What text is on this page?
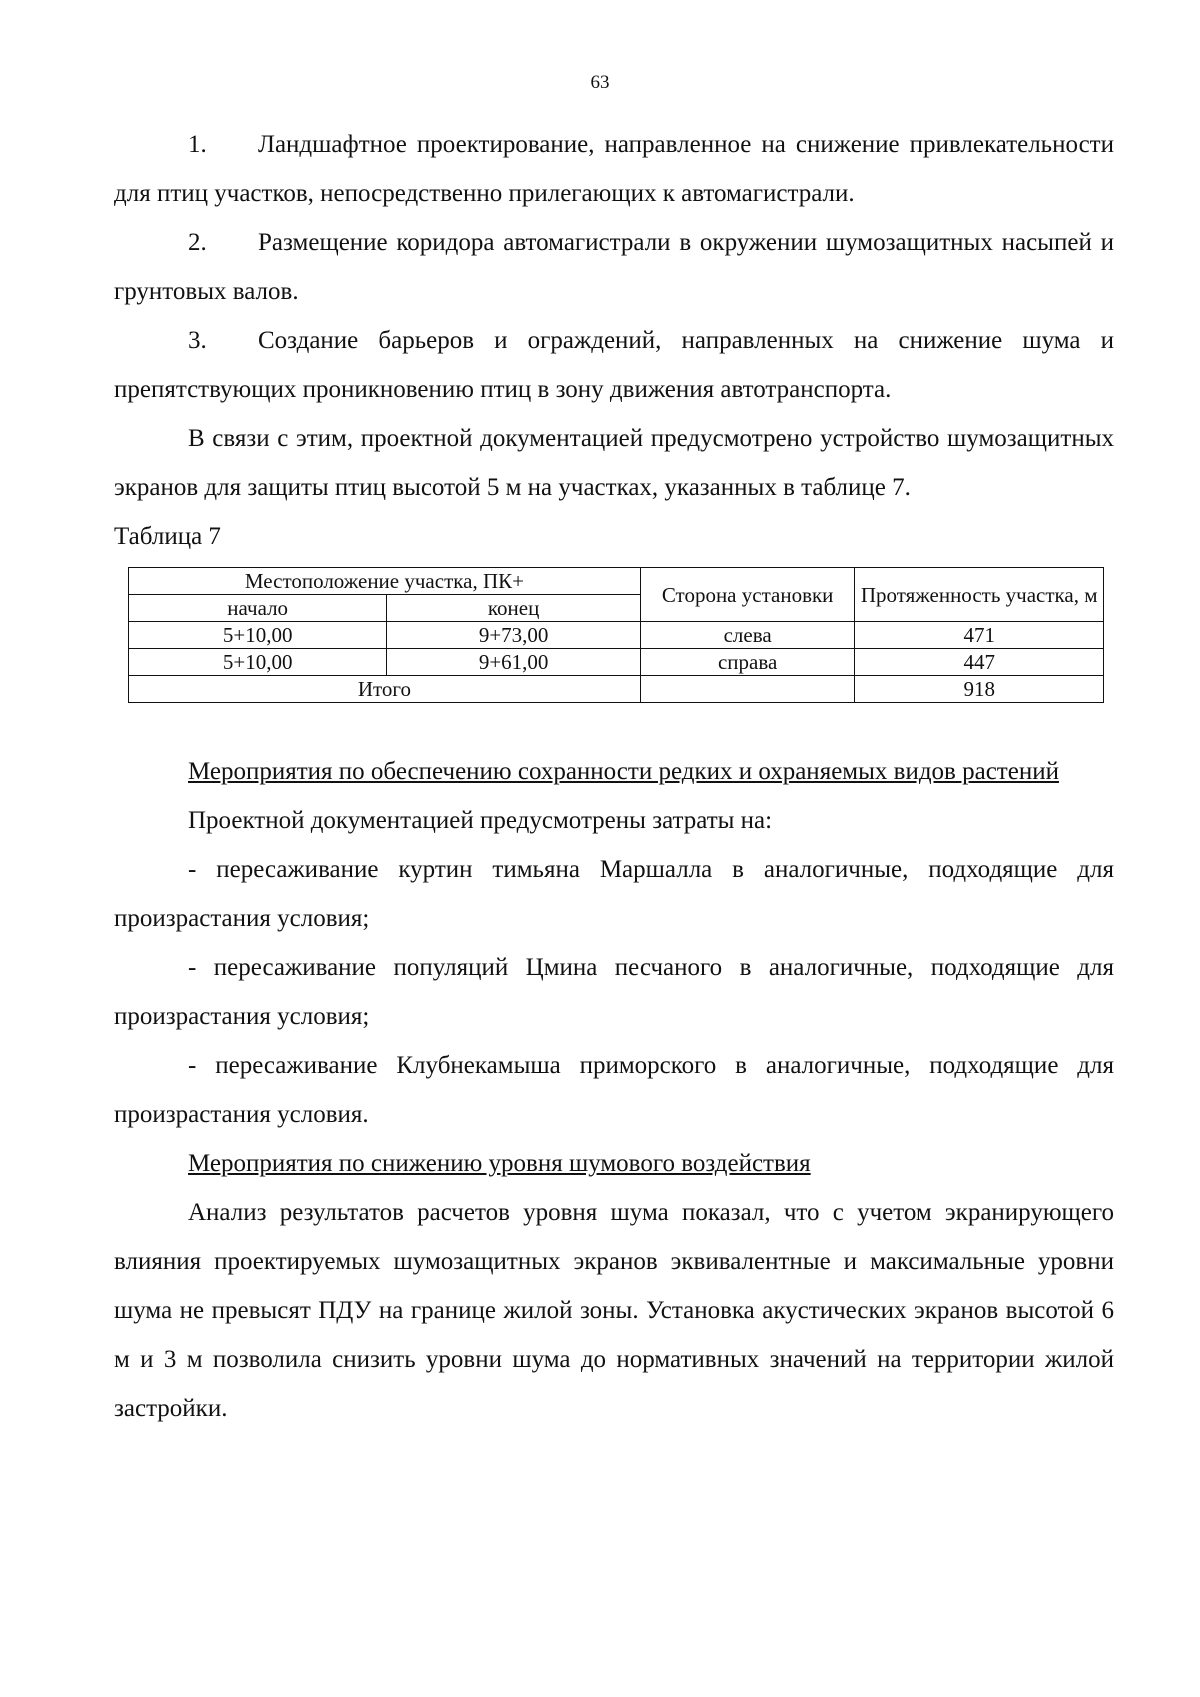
63

1. Ландшафтное проектирование, направленное на снижение привлекательности для птиц участков, непосредственно прилегающих к автомагистрали.

2. Размещение коридора автомагистрали в окружении шумозащитных насыпей и грунтовых валов.

3. Создание барьеров и ограждений, направленных на снижение шума и препятствующих проникновению птиц в зону движения автотранспорта.

В связи с этим, проектной документацией предусмотрено устройство шумозащитных экранов для защиты птиц высотой 5 м на участках, указанных в таблице 7.

Таблица 7

Местоположение участка, ПК+		Сторона установки	Протяженность участка, м
начало	конец		
5+10,00	9+73,00	слева	471
5+10,00	9+61,00	справа	447
Итого			918

Мероприятия по обеспечению сохранности редких и охраняемых видов растений

Проектной документацией предусмотрены затраты на:

- пересаживание куртин тимьяна Маршалла в аналогичные, подходящие для произрастания условия;

- пересаживание популяций Цмина песчаного в аналогичные, подходящие для произрастания условия;

- пересаживание Клубнекамыша приморского в аналогичные, подходящие для произрастания условия.

Мероприятия по снижению уровня шумового воздействия

Анализ результатов расчетов уровня шума показал, что с учетом экранирующего влияния проектируемых шумозащитных экранов эквивалентные и максимальные уровни шума не превысят ПДУ на границе жилой зоны. Установка акустических экранов высотой 6 м и 3 м позволила снизить уровни шума до нормативных значений на территории жилой застройки.
